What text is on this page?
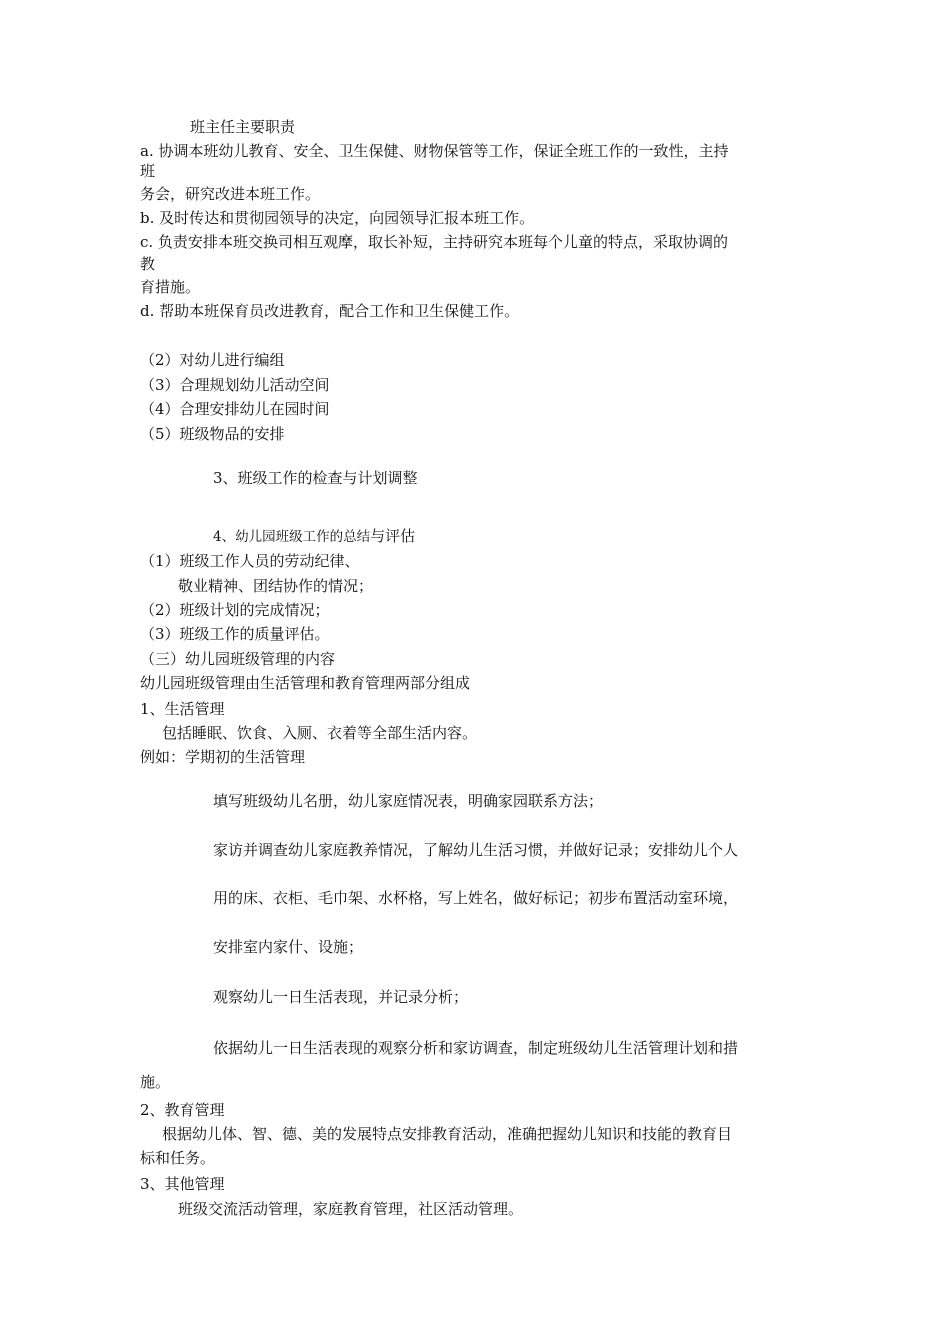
班主任主要职责

a. 协调本班幼儿教育、安全、卫生保健、财物保管等工作，保证全班工作的一致性，主持

班

务会，研究改进本班工作。

b. 及时传达和贯彻园领导的决定，向园领导汇报本班工作。

c. 负责安排本班交换司相互观摩，取长补短，主持研究本班每个儿童的特点，采取协调的

教

育措施。

d. 帮助本班保育员改进教育，配合工作和卫生保健工作。

（2）对幼儿进行编组

（3）合理规划幼儿活动空间

（4）合理安排幼儿在园时间

（5）班级物品的安排

3、班级工作的检查与计划调整

4、幼儿园班级工作的总结与评估

（1）班级工作人员的劳动纪律、

敬业精神、团结协作的情况；

（2）班级计划的完成情况；

（3）班级工作的质量评估。

（三）幼儿园班级管理的内容

幼儿园班级管理由生活管理和教育管理两部分组成

1、生活管理

包括睡眠、饮食、入厕、衣着等全部生活内容。

例如：学期初的生活管理

填写班级幼儿名册，幼儿家庭情况表，明确家园联系方法；

家访并调查幼儿家庭教养情况，了解幼儿生活习惯，并做好记录；安排幼儿个人

用的床、衣柜、毛巾架、水杯格，写上姓名，做好标记；初步布置活动室环境，

安排室内家什、设施；

观察幼儿一日生活表现，并记录分析；

依据幼儿一日生活表现的观察分析和家访调查，制定班级幼儿生活管理计划和措

施。

2、教育管理

根据幼儿体、智、德、美的发展特点安排教育活动，准确把握幼儿知识和技能的教育目

标和任务。

3、其他管理

班级交流活动管理，家庭教育管理，社区活动管理。
